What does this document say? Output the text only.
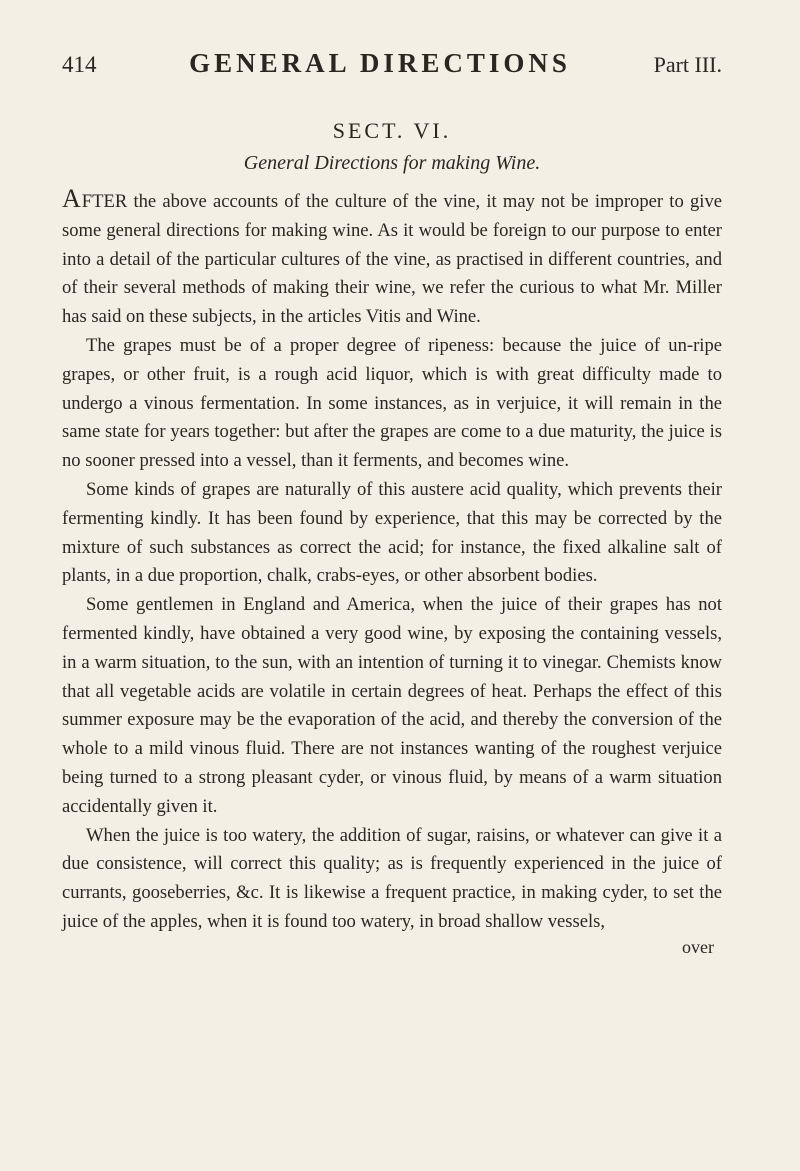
414	GENERAL DIRECTIONS	Part III.
SECT. VI.
General Directions for making Wine.

AFTER the above accounts of the culture of the vine, it may not be improper to give some general directions for making wine. As it would be foreign to our purpose to enter into a detail of the particular cultures of the vine, as practised in different countries, and of their several methods of making their wine, we refer the curious to what Mr. Miller has said on these subjects, in the articles Vitis and Wine.

The grapes must be of a proper degree of ripeness: because the juice of un-ripe grapes, or other fruit, is a rough acid liquor, which is with great difficulty made to undergo a vinous fermentation. In some instances, as in verjuice, it will remain in the same state for years together: but after the grapes are come to a due maturity, the juice is no sooner pressed into a vessel, than it ferments, and becomes wine.

Some kinds of grapes are naturally of this austere acid quality, which prevents their fermenting kindly. It has been found by experience, that this may be corrected by the mixture of such substances as correct the acid; for instance, the fixed alkaline salt of plants, in a due proportion, chalk, crabs-eyes, or other absorbent bodies.

Some gentlemen in England and America, when the juice of their grapes has not fermented kindly, have obtained a very good wine, by exposing the containing vessels, in a warm situation, to the sun, with an intention of turning it to vinegar. Chemists know that all vegetable acids are volatile in certain degrees of heat. Perhaps the effect of this summer exposure may be the evaporation of the acid, and thereby the conversion of the whole to a mild vinous fluid. There are not instances wanting of the roughest verjuice being turned to a strong pleasant cyder, or vinous fluid, by means of a warm situation accidentally given it.

When the juice is too watery, the addition of sugar, raisins, or whatever can give it a due consistence, will correct this quality; as is frequently experienced in the juice of currants, gooseberries, &c. It is likewise a frequent practice, in making cyder, to set the juice of the apples, when it is found too watery, in broad shallow vessels,

over
